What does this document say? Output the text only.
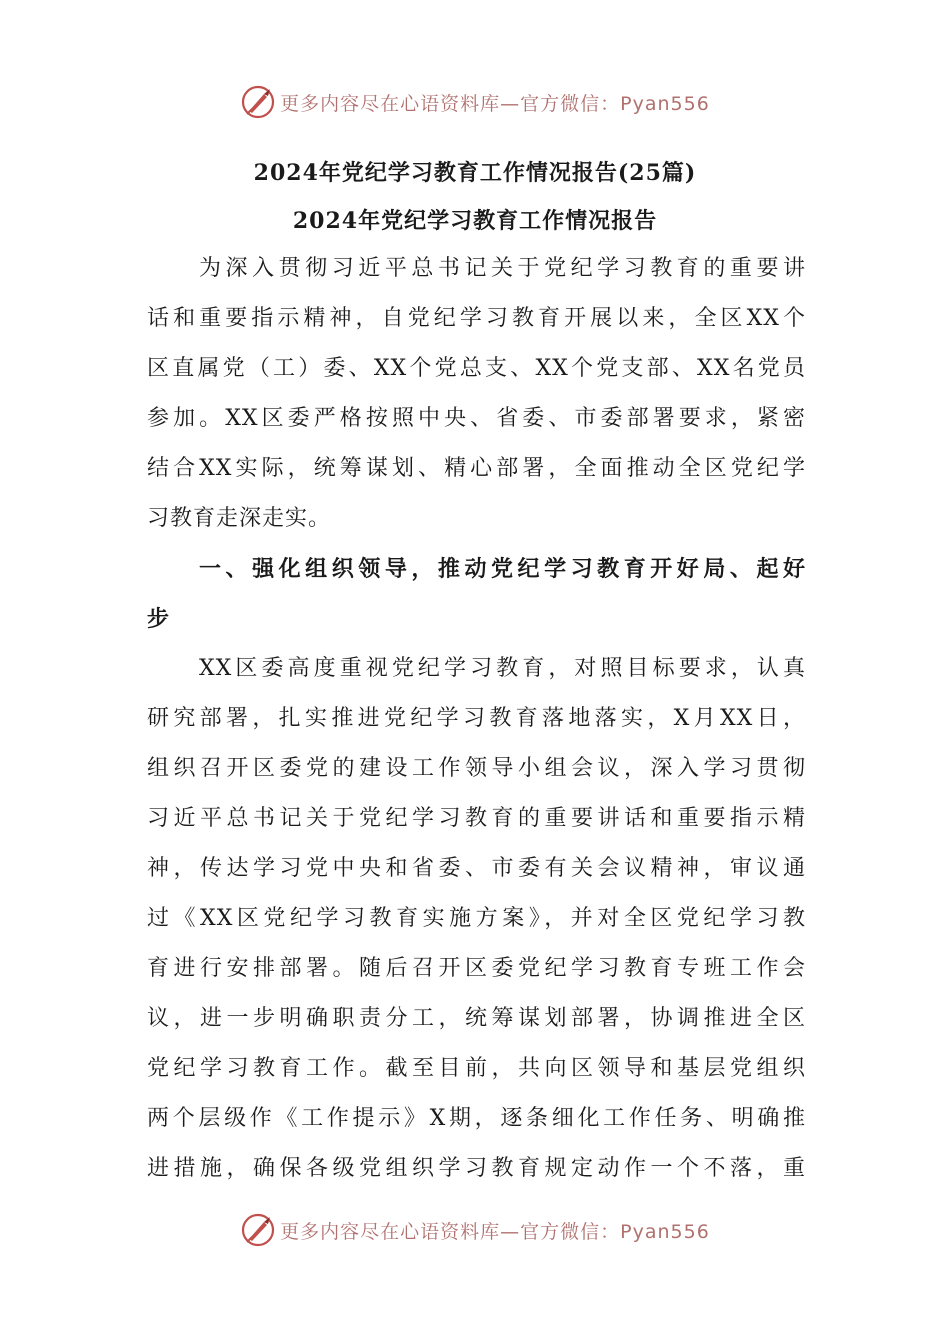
更多内容尽在心语资料库—官方微信：Pyan556
2024年党纪学习教育工作情况报告(25篇)
2024年党纪学习教育工作情况报告
为深入贯彻习近平总书记关于党纪学习教育的重要讲
话和重要指示精神，自党纪学习教育开展以来，全区XX个
区直属党（工）委、XX个党总支、XX个党支部、XX名党员
参加。XX区委严格按照中央、省委、市委部署要求，紧密
结合XX实际，统筹谋划、精心部署，全面推动全区党纪学
习教育走深走实。
一、强化组织领导，推动党纪学习教育开好局、起好
步
XX区委高度重视党纪学习教育，对照目标要求，认真
研究部署，扎实推进党纪学习教育落地落实，X月XX日，
组织召开区委党的建设工作领导小组会议，深入学习贯彻
习近平总书记关于党纪学习教育的重要讲话和重要指示精
神，传达学习党中央和省委、市委有关会议精神，审议通
过《XX区党纪学习教育实施方案》，并对全区党纪学习教
育进行安排部署。随后召开区委党纪学习教育专班工作会
议，进一步明确职责分工，统筹谋划部署，协调推进全区
党纪学习教育工作。截至目前，共向区领导和基层党组织
两个层级作《工作提示》X期，逐条细化工作任务、明确推
进措施，确保各级党组织学习教育规定动作一个不落，重
更多内容尽在心语资料库—官方微信：Pyan556
